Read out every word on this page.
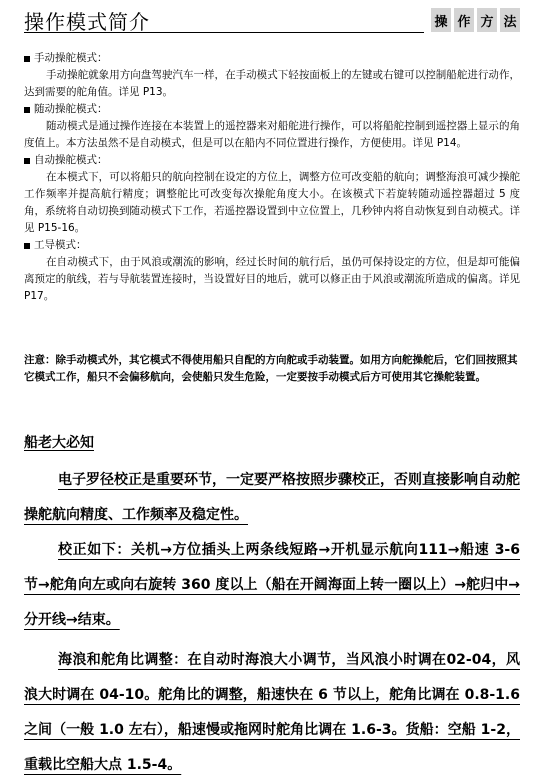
操作模式简介	操 作 方 法
手动操舵模式：
手动操舵就象用方向盘驾驶汽车一样，在手动模式下轻按面板上的左键或右键可以控制船舵进行动作，达到需要的舵角值。详见 P13。
随动操舵模式：
随动模式是通过操作连接在本装置上的遥控器来对船舵进行操作，可以将船舵控制到遥控器上显示的角度值上。本方法虽然不是自动模式，但是可以在船内不同位置进行操作，方便使用。详见 P14。
自动操舵模式：
在本模式下，可以将船只的航向控制在设定的方位上，调整方位可改变船的航向；调整海浪可减少操舵工作频率并提高航行精度；调整舵比可改变每次操舵角度大小。在该模式下若旋转随动遥控器超过 5 度角，系统将自动切换到随动模式下工作，若遥控器设置到中立位置上，几秒钟内将自动恢复到自动模式。详见 P15-16。
工导模式：
在自动模式下，由于风浪或潮流的影响，经过长时间的航行后，虽仍可保持设定的方位，但是却可能偏离预定的航线，若与导航装置连接时，当设置好目的地后，就可以修正由于风浪或潮流所造成的偏离。详见 P17。
注意：除手动模式外，其它模式不得使用船只自配的方向舵或手动装置。如用方向舵操舵后，它们回按照其它模式工作，船只不会偏移航向，会使船只发生危险，一定要按手动模式后方可使用其它操舵装置。
船老大必知
电子罗径校正是重要环节，一定要严格按照步骤校正，否则直接影响自动舵操舵航向精度、工作频率及稳定性。
校正如下：关机→方位插头上两条线短路→开机显示航向111→船速 3-6 节→舵角向左或向右旋转 360 度以上（船在开阔海面上转一圈以上）→舵归中→分开线→结束。
海浪和舵角比调整：在自动时海浪大小调节，当风浪小时调在02-04，风浪大时调在 04-10。舵角比的调整，船速快在 6 节以上，舵角比调在 0.8-1.6 之间（一般 1.0 左右），船速慢或拖网时舵角比调在 1.6-3。货船：空船 1-2，重载比空船大点 1.5-4。
